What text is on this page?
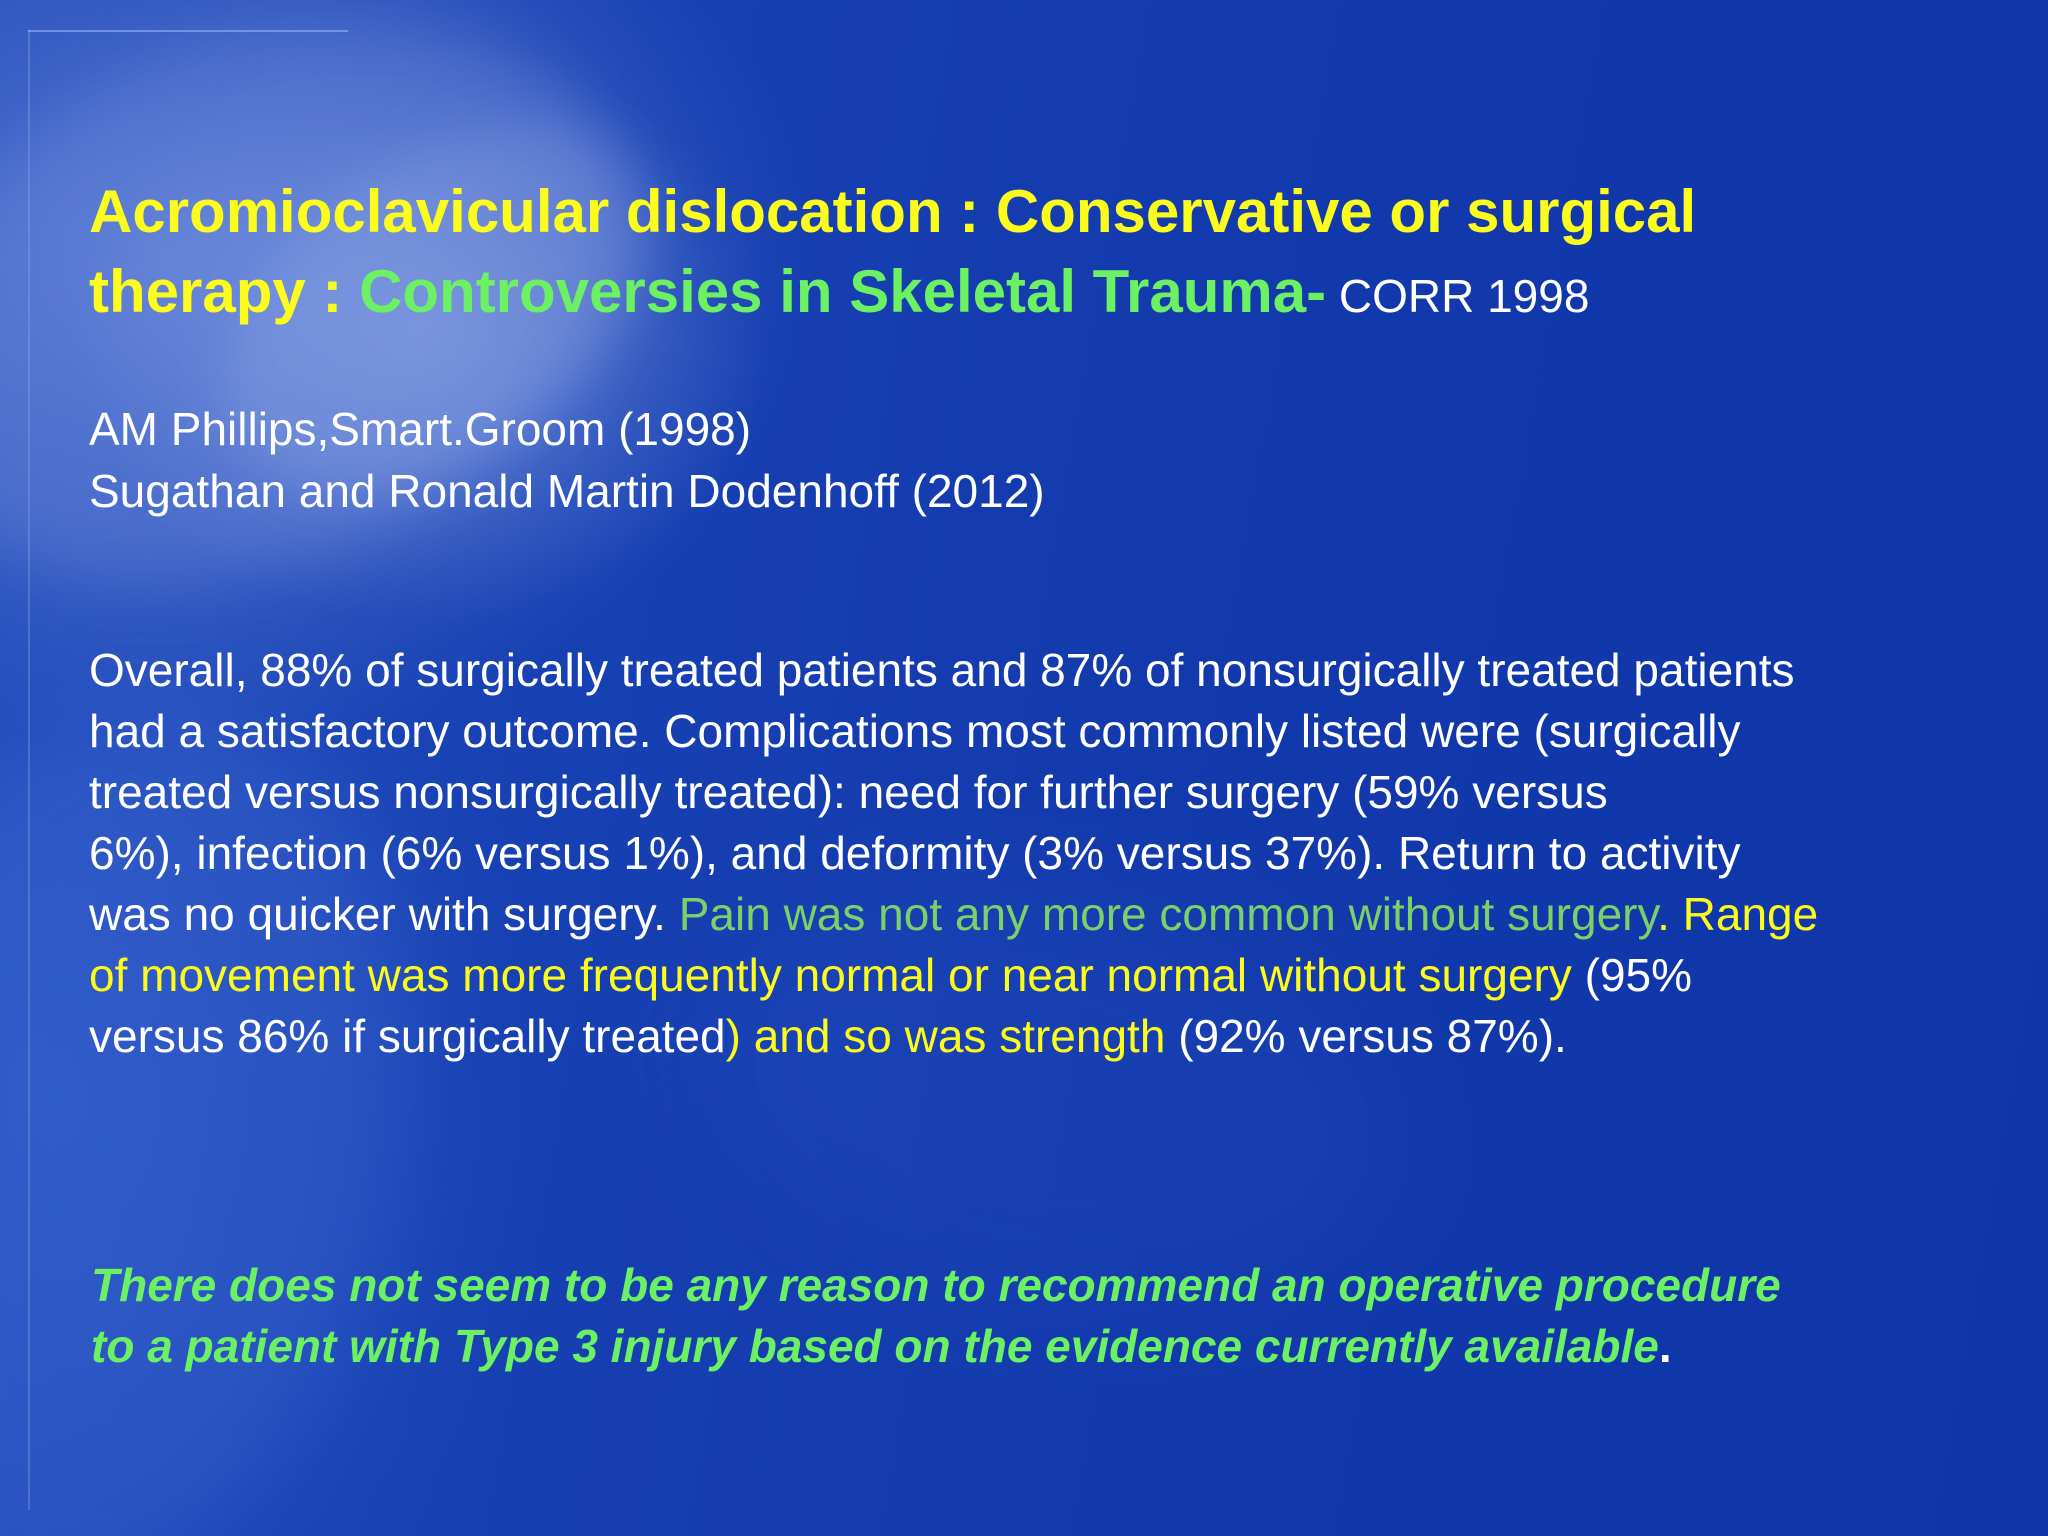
Acromioclavicular dislocation : Conservative or surgical
therapy : Controversies in Skeletal Trauma- CORR 1998
AM Phillips,Smart.Groom (1998)
Sugathan and Ronald Martin Dodenhoff (2012)
Overall, 88% of surgically treated patients and 87% of nonsurgically treated patients
had a satisfactory outcome. Complications most commonly listed were (surgically
treated versus nonsurgically treated): need for further surgery (59% versus
6%), infection (6% versus 1%), and deformity (3% versus 37%). Return to activity
was no quicker with surgery. Pain was not any more common without surgery. Range
of movement was more frequently normal or near normal without surgery (95%
versus 86% if surgically treated) and so was strength (92% versus 87%).
There does not seem to be any reason to recommend an operative procedure
to a patient with Type 3 injury based on the evidence currently available.
